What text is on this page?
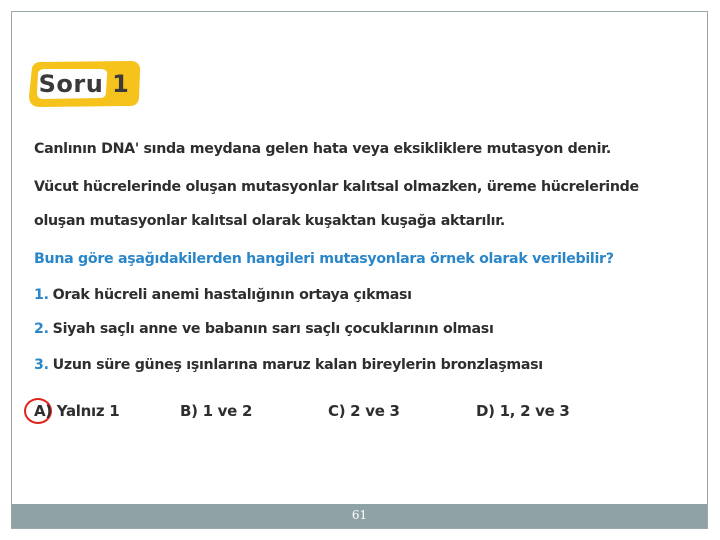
61
Soru 1
Canlının DNA' sında meydana gelen hata veya eksikliklere mutasyon denir.
Vücut hücrelerinde oluşan mutasyonlar kalıtsal olmazken, üreme hücrelerinde
oluşan mutasyonlar kalıtsal olarak kuşaktan kuşağa aktarılır.
Buna göre aşağıdakilerden hangileri mutasyonlara örnek olarak verilebilir?
1. Orak hücreli anemi hastalığının ortaya çıkması
2. Siyah saçlı anne ve babanın sarı saçlı çocuklarının olması
3. Uzun süre güneş ışınlarına maruz kalan bireylerin bronzlaşması
A) Yalnız 1	B) 1 ve 2	C) 2 ve 3	D) 1, 2 ve 3
